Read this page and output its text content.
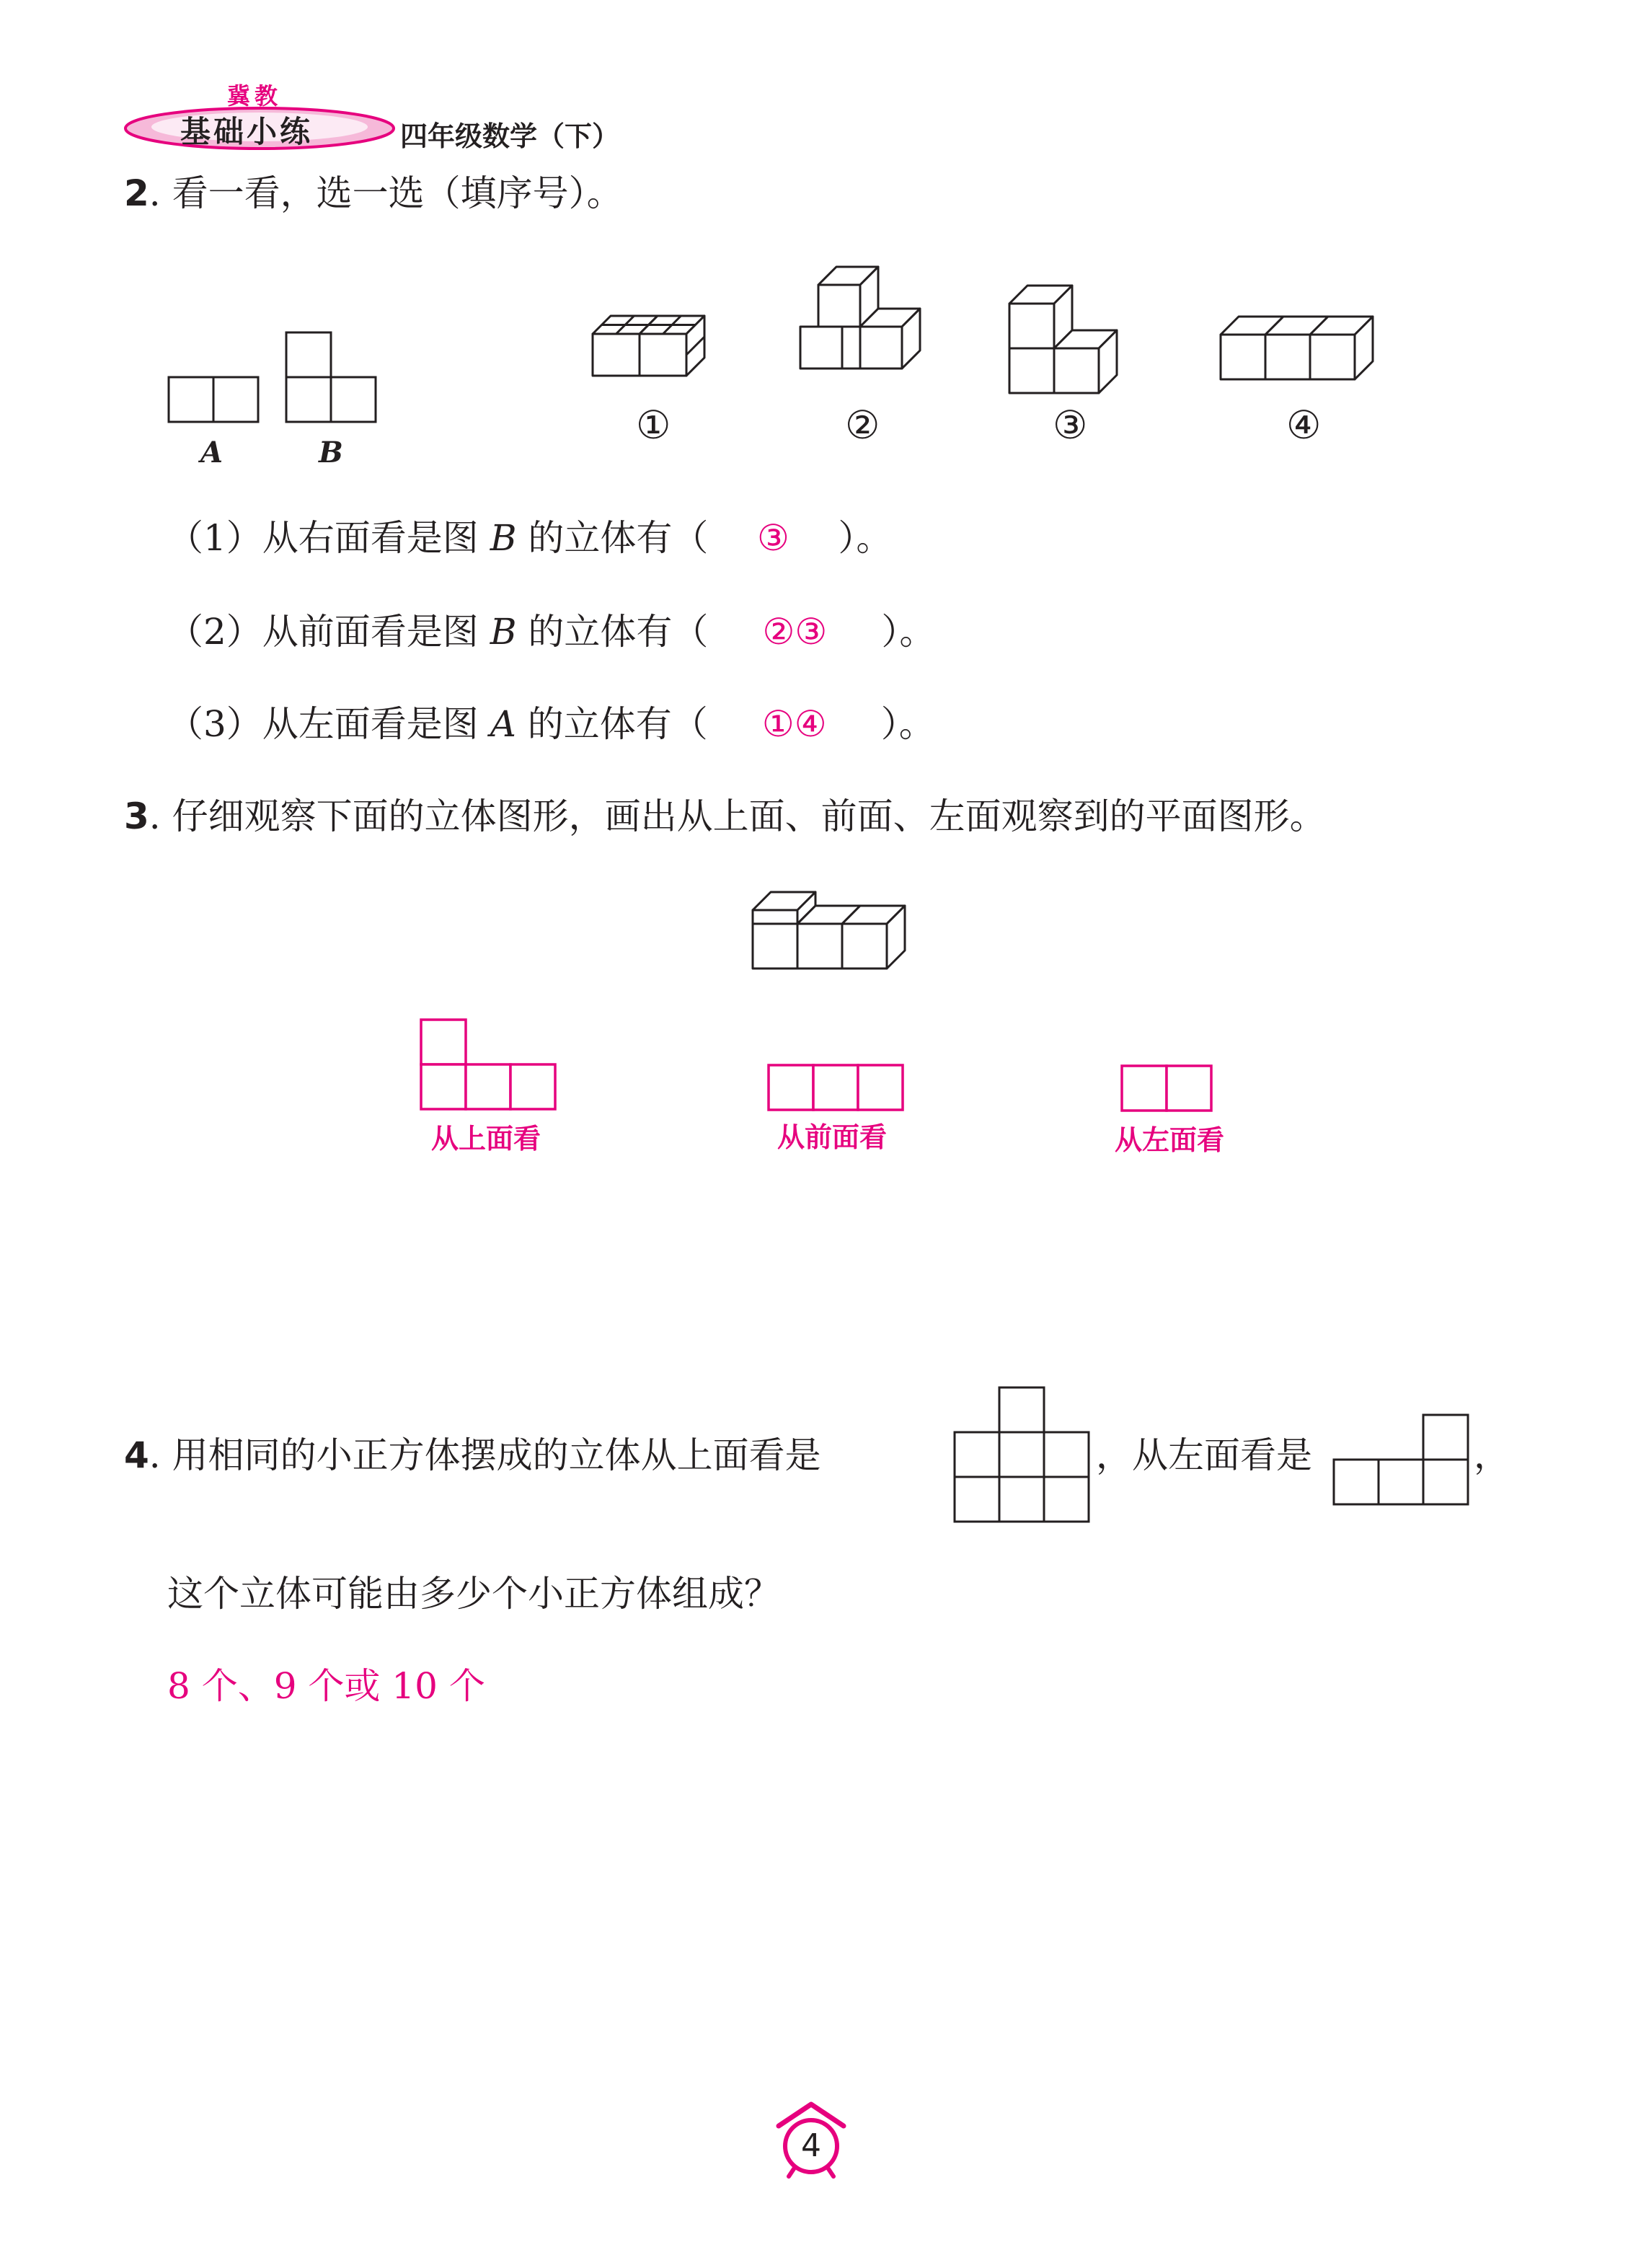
冀教
基础小练	四年级数学（下）
2. 看一看，选一选（填序号）。
A	B
①	②	③	④
（1）从右面看是图 B 的立体有（ ③ ）。
（2）从前面看是图 B 的立体有（ ②③ ）。
（3）从左面看是图 A 的立体有（ ①④ ）。
3. 仔细观察下面的立体图形，画出从上面、前面、左面观察到的平面图形。
从上面看	从前面看	从左面看
4. 用相同的小正方体摆成的立体从上面看是	，从左面看是	，
这个立体可能由多少个小正方体组成？
8 个、9 个或 10 个
4
